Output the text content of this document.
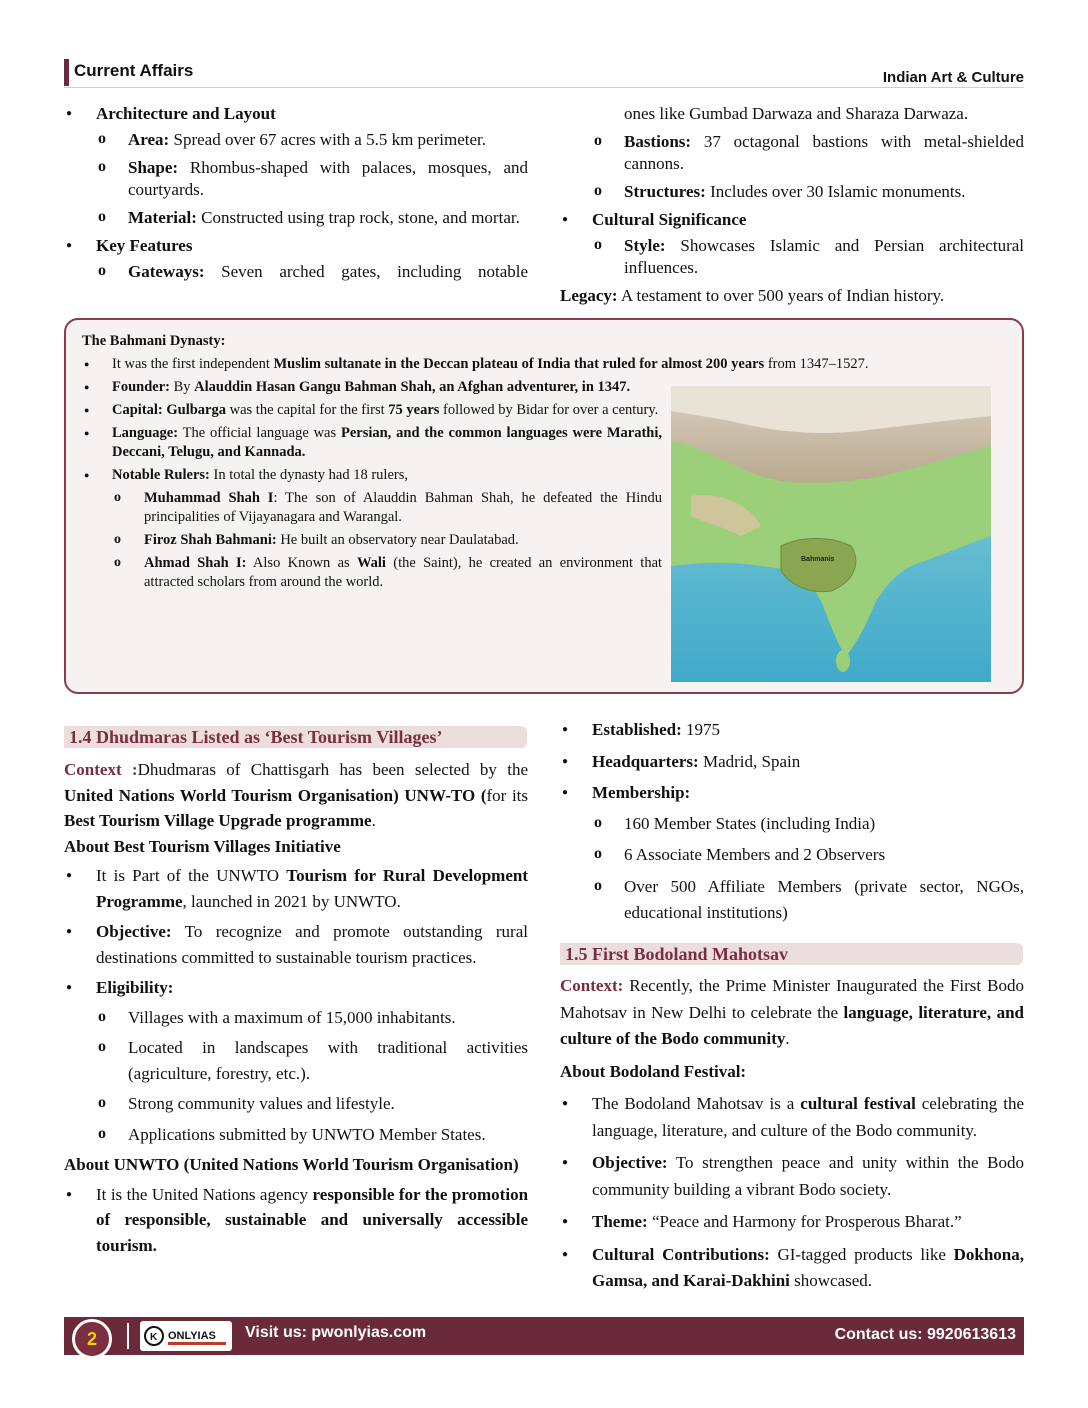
Current Affairs	Indian Art & Culture
● Architecture and Layout
o Area: Spread over 67 acres with a 5.5 km perimeter.
o Shape: Rhombus-shaped with palaces, mosques, and courtyards.
o Material: Constructed using trap rock, stone, and mortar.
● Key Features
o Gateways: Seven arched gates, including notable
ones like Gumbad Darwaza and Sharaza Darwaza.
o Bastions: 37 octagonal bastions with metal-shielded cannons.
o Structures: Includes over 30 Islamic monuments.
● Cultural Significance
o Style: Showcases Islamic and Persian architectural influences.
Legacy: A testament to over 500 years of Indian history.
The Bahmani Dynasty:
● It was the first independent Muslim sultanate in the Deccan plateau of India that ruled for almost 200 years from 1347–1527.
● Founder: By Alauddin Hasan Gangu Bahman Shah, an Afghan adventurer, in 1347.
● Capital: Gulbarga was the capital for the first 75 years followed by Bidar for over a century.
● Language: The official language was Persian, and the common languages were Marathi, Deccani, Telugu, and Kannada.
● Notable Rulers: In total the dynasty had 18 rulers,
o Muhammad Shah I: The son of Alauddin Bahman Shah, he defeated the Hindu principalities of Vijayanagara and Warangal.
o Firoz Shah Bahmani: He built an observatory near Daulatabad.
o Ahmad Shah I: Also Known as Wali (the Saint), he created an environment that attracted scholars from around the world.
Bahmanis
1.4 Dhudmaras Listed as ‘Best Tourism Villages’
Context :Dhudmaras of Chattisgarh has been selected by the United Nations World Tourism Organisation) UNW-TO (for its Best Tourism Village Upgrade programme.
About Best Tourism Villages Initiative
● It is Part of the UNWTO Tourism for Rural Development Programme, launched in 2021 by UNWTO.
● Objective: To recognize and promote outstanding rural destinations committed to sustainable tourism practices.
● Eligibility:
o Villages with a maximum of 15,000 inhabitants.
o Located in landscapes with traditional activities (agriculture, forestry, etc.).
o Strong community values and lifestyle.
o Applications submitted by UNWTO Member States.
About UNWTO (United Nations World Tourism Organisation)
● It is the United Nations agency responsible for the promotion of responsible, sustainable and universally accessible tourism.
● Established: 1975
● Headquarters: Madrid, Spain
● Membership:
o 160 Member States (including India)
o 6 Associate Members and 2 Observers
o Over 500 Affiliate Members (private sector, NGOs, educational institutions)
1.5 First Bodoland Mahotsav
Context: Recently, the Prime Minister Inaugurated the First Bodo Mahotsav in New Delhi to celebrate the language, literature, and culture of the Bodo community.
About Bodoland Festival:
● The Bodoland Mahotsav is a cultural festival celebrating the language, literature, and culture of the Bodo community.
● Objective: To strengthen peace and unity within the Bodo community building a vibrant Bodo society.
● Theme: “Peace and Harmony for Prosperous Bharat.”
● Cultural Contributions: GI-tagged products like Dokhona, Gamsa, and Karai-Dakhini showcased.
2	K ONLYIAS Visit us: pwonlyias.com	Contact us: 9920613613
